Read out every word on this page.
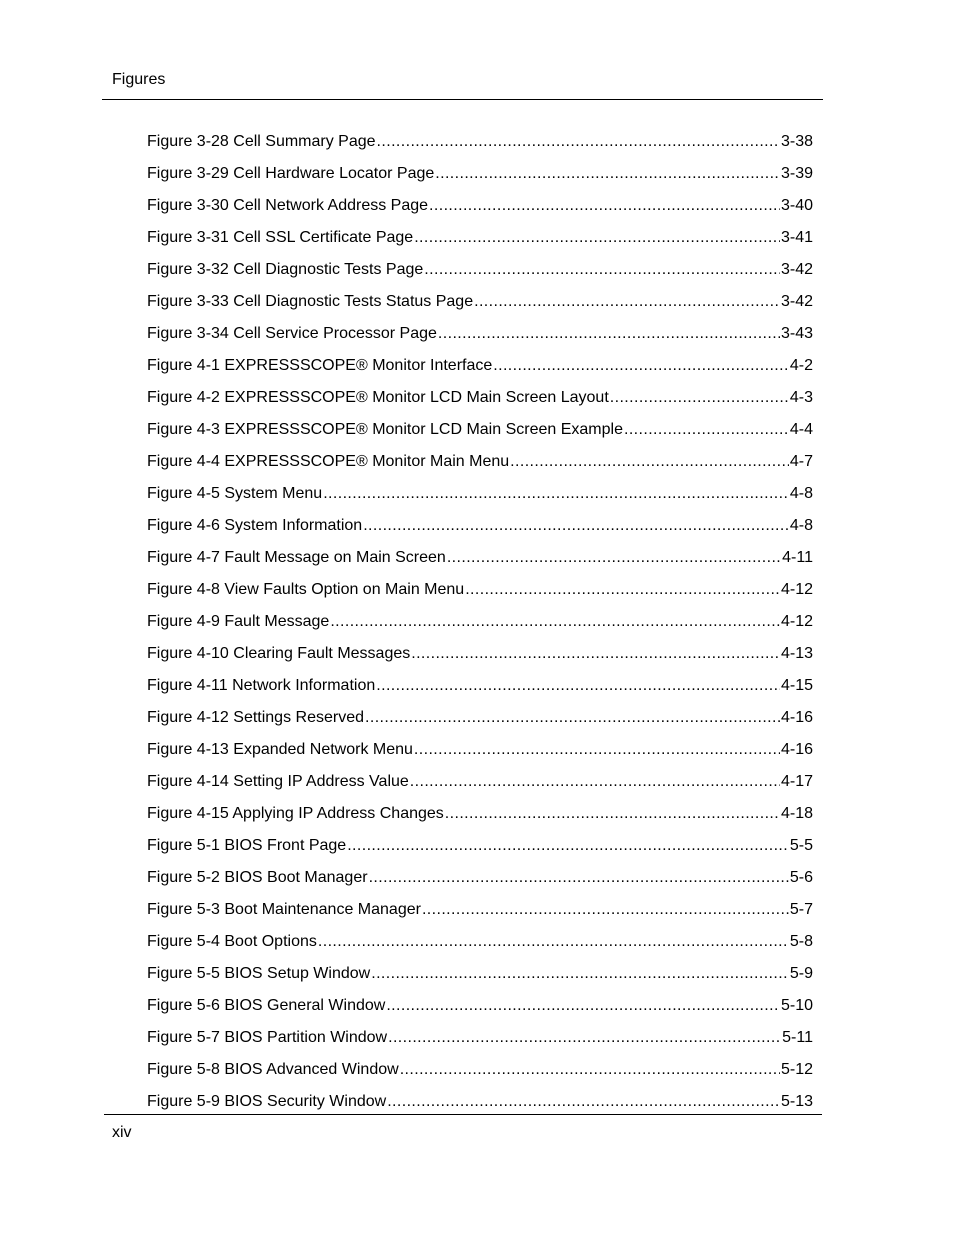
Figures
Figure 3-28 Cell Summary Page .....	3-38
Figure 3-29 Cell Hardware Locator Page .....	3-39
Figure 3-30 Cell Network Address Page .....	3-40
Figure 3-31 Cell SSL Certificate Page .....	3-41
Figure 3-32 Cell Diagnostic Tests Page .....	3-42
Figure 3-33 Cell Diagnostic Tests Status Page .....	3-42
Figure 3-34 Cell Service Processor Page .....	3-43
Figure 4-1 EXPRESSSCOPE® Monitor Interface .....	4-2
Figure 4-2 EXPRESSSCOPE® Monitor LCD Main Screen Layout .....	4-3
Figure 4-3 EXPRESSSCOPE® Monitor LCD Main Screen Example .....	4-4
Figure 4-4 EXPRESSSCOPE® Monitor Main Menu .....	4-7
Figure 4-5 System Menu .....	4-8
Figure 4-6 System Information .....	4-8
Figure 4-7 Fault Message on Main Screen .....	4-11
Figure 4-8 View Faults Option on Main Menu .....	4-12
Figure 4-9 Fault Message .....	4-12
Figure 4-10 Clearing Fault Messages .....	4-13
Figure 4-11 Network Information .....	4-15
Figure 4-12 Settings Reserved .....	4-16
Figure 4-13 Expanded Network Menu .....	4-16
Figure 4-14 Setting IP Address Value .....	4-17
Figure 4-15 Applying IP Address Changes .....	4-18
Figure 5-1 BIOS Front Page .....	5-5
Figure 5-2 BIOS Boot Manager .....	5-6
Figure 5-3 Boot Maintenance Manager .....	5-7
Figure 5-4 Boot Options .....	5-8
Figure 5-5 BIOS Setup Window .....	5-9
Figure 5-6 BIOS General Window .....	5-10
Figure 5-7 BIOS Partition Window .....	5-11
Figure 5-8 BIOS Advanced Window .....	5-12
Figure 5-9 BIOS Security Window .....	5-13
xiv
